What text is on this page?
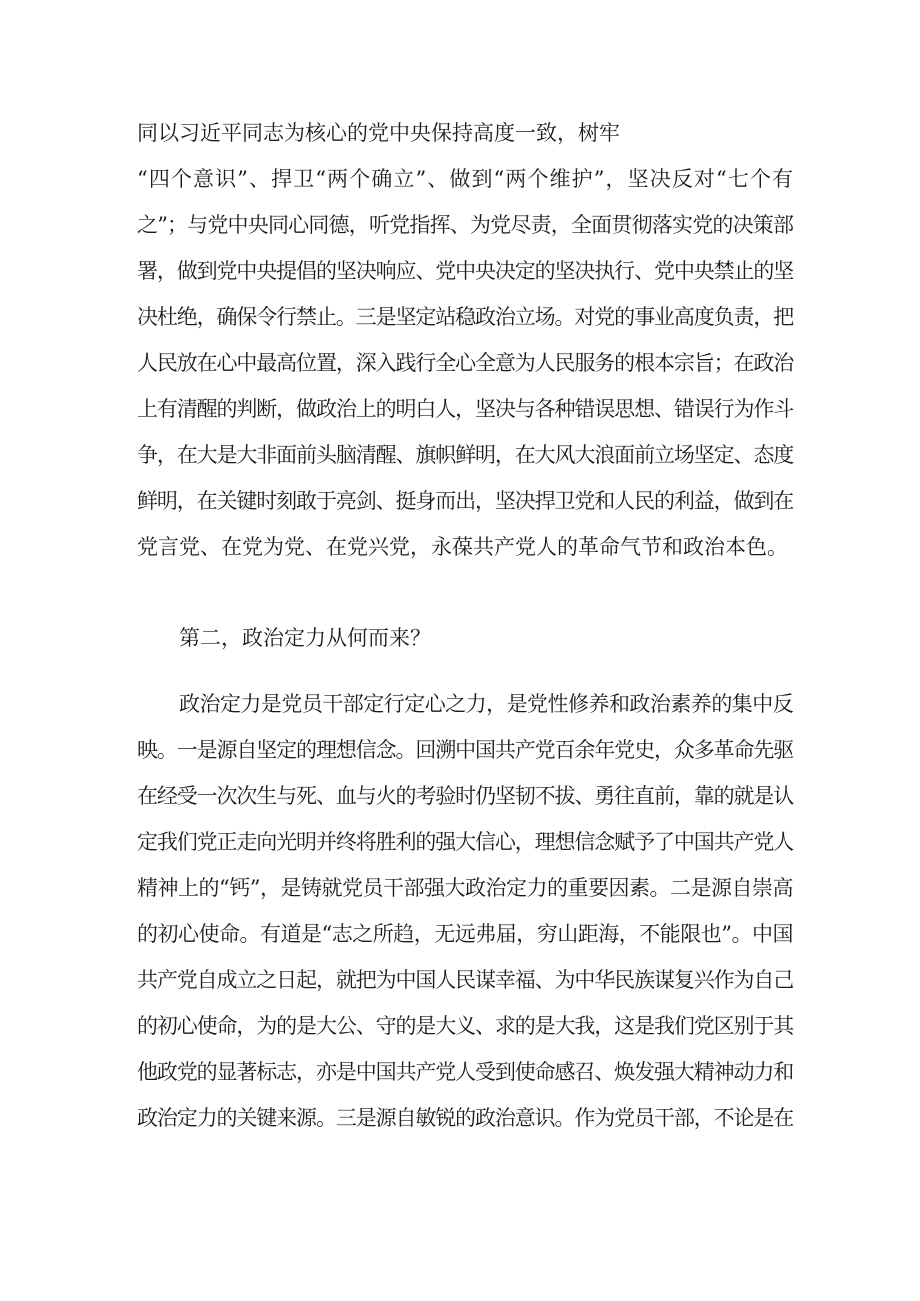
同以习近平同志为核心的党中央保持高度一致，树牢
“四个意识”、捍卫“两个确立”、做到“两个维护”，坚决反对“七个有
之”；与党中央同心同德，听党指挥、为党尽责，全面贯彻落实党的决策部
署，做到党中央提倡的坚决响应、党中央决定的坚决执行、党中央禁止的坚
决杜绝，确保令行禁止。三是坚定站稳政治立场。对党的事业高度负责，把
人民放在心中最高位置，深入践行全心全意为人民服务的根本宗旨；在政治
上有清醒的判断，做政治上的明白人，坚决与各种错误思想、错误行为作斗
争，在大是大非面前头脑清醒、旗帜鲜明，在大风大浪面前立场坚定、态度
鲜明，在关键时刻敢于亮剑、挺身而出，坚决捍卫党和人民的利益，做到在
党言党、在党为党、在党兴党，永葆共产党人的革命气节和政治本色。
第二，政治定力从何而来？
政治定力是党员干部定行定心之力，是党性修养和政治素养的集中反
映。一是源自坚定的理想信念。回溯中国共产党百余年党史，众多革命先驱
在经受一次次生与死、血与火的考验时仍坚韧不拔、勇往直前，靠的就是认
定我们党正走向光明并终将胜利的强大信心，理想信念赋予了中国共产党人
精神上的“钙”，是铸就党员干部强大政治定力的重要因素。二是源自崇高
的初心使命。有道是“志之所趋，无远弗届，穷山距海，不能限也”。中国
共产党自成立之日起，就把为中国人民谋幸福、为中华民族谋复兴作为自己
的初心使命，为的是大公、守的是大义、求的是大我，这是我们党区别于其
他政党的显著标志，亦是中国共产党人受到使命感召、焕发强大精神动力和
政治定力的关键来源。三是源自敏锐的政治意识。作为党员干部，不论是在
